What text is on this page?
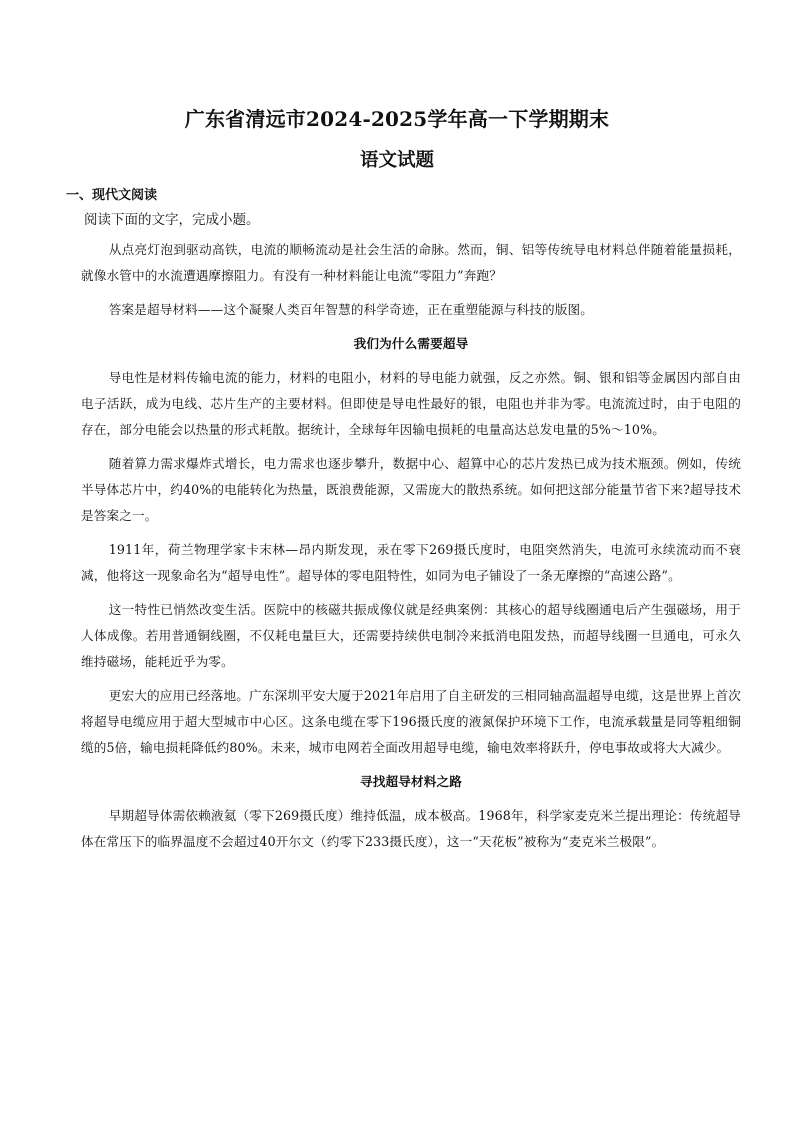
广东省清远市2024-2025学年高一下学期期末
语文试题
一、现代文阅读
阅读下面的文字，完成小题。

从点亮灯泡到驱动高铁，电流的顺畅流动是社会生活的命脉。然而，铜、铝等传统导电材料总伴随着能量损耗，就像水管中的水流遭遇摩擦阻力。有没有一种材料能让电流“零阻力”奔跑？

答案是超导材料——这个凝聚人类百年智慧的科学奇迹，正在重塑能源与科技的版图。

我们为什么需要超导

导电性是材料传输电流的能力，材料的电阻小，材料的导电能力就强，反之亦然。铜、银和铝等金属因内部自由电子活跃，成为电线、芯片生产的主要材料。但即使是导电性最好的银，电阻也并非为零。电流流过时，由于电阻的存在，部分电能会以热量的形式耗散。据统计，全球每年因输电损耗的电量高达总发电量的5%～10%。

随着算力需求爆炸式增长，电力需求也逐步攀升，数据中心、超算中心的芯片发热已成为技术瓶颈。例如，传统半导体芯片中，约40%的电能转化为热量，既浪费能源，又需庞大的散热系统。如何把这部分能量节省下来?超导技术是答案之一。

1911年，荷兰物理学家卡末林—昂内斯发现，汞在零下269摄氏度时，电阻突然消失，电流可永续流动而不衰减，他将这一现象命名为“超导电性”。超导体的零电阻特性，如同为电子铺设了一条无摩擦的“高速公路”。

这一特性已悄然改变生活。医院中的核磁共振成像仪就是经典案例：其核心的超导线圈通电后产生强磁场，用于人体成像。若用普通铜线圈，不仅耗电量巨大，还需要持续供电制冷来抵消电阻发热，而超导线圈一旦通电，可永久维持磁场，能耗近乎为零。

更宏大的应用已经落地。广东深圳平安大厦于2021年启用了自主研发的三相同轴高温超导电缆，这是世界上首次将超导电缆应用于超大型城市中心区。这条电缆在零下196摄氏度的液氮保护环境下工作，电流承载量是同等粗细铜缆的5倍，输电损耗降低约80%。未来，城市电网若全面改用超导电缆，输电效率将跃升，停电事故或将大大减少。

寻找超导材料之路

早期超导体需依赖液氦（零下269摄氏度）维持低温，成本极高。1968年，科学家麦克米兰提出理论：传统超导体在常压下的临界温度不会超过40开尔文（约零下233摄氏度），这一“天花板”被称为“麦克米兰极限”。
